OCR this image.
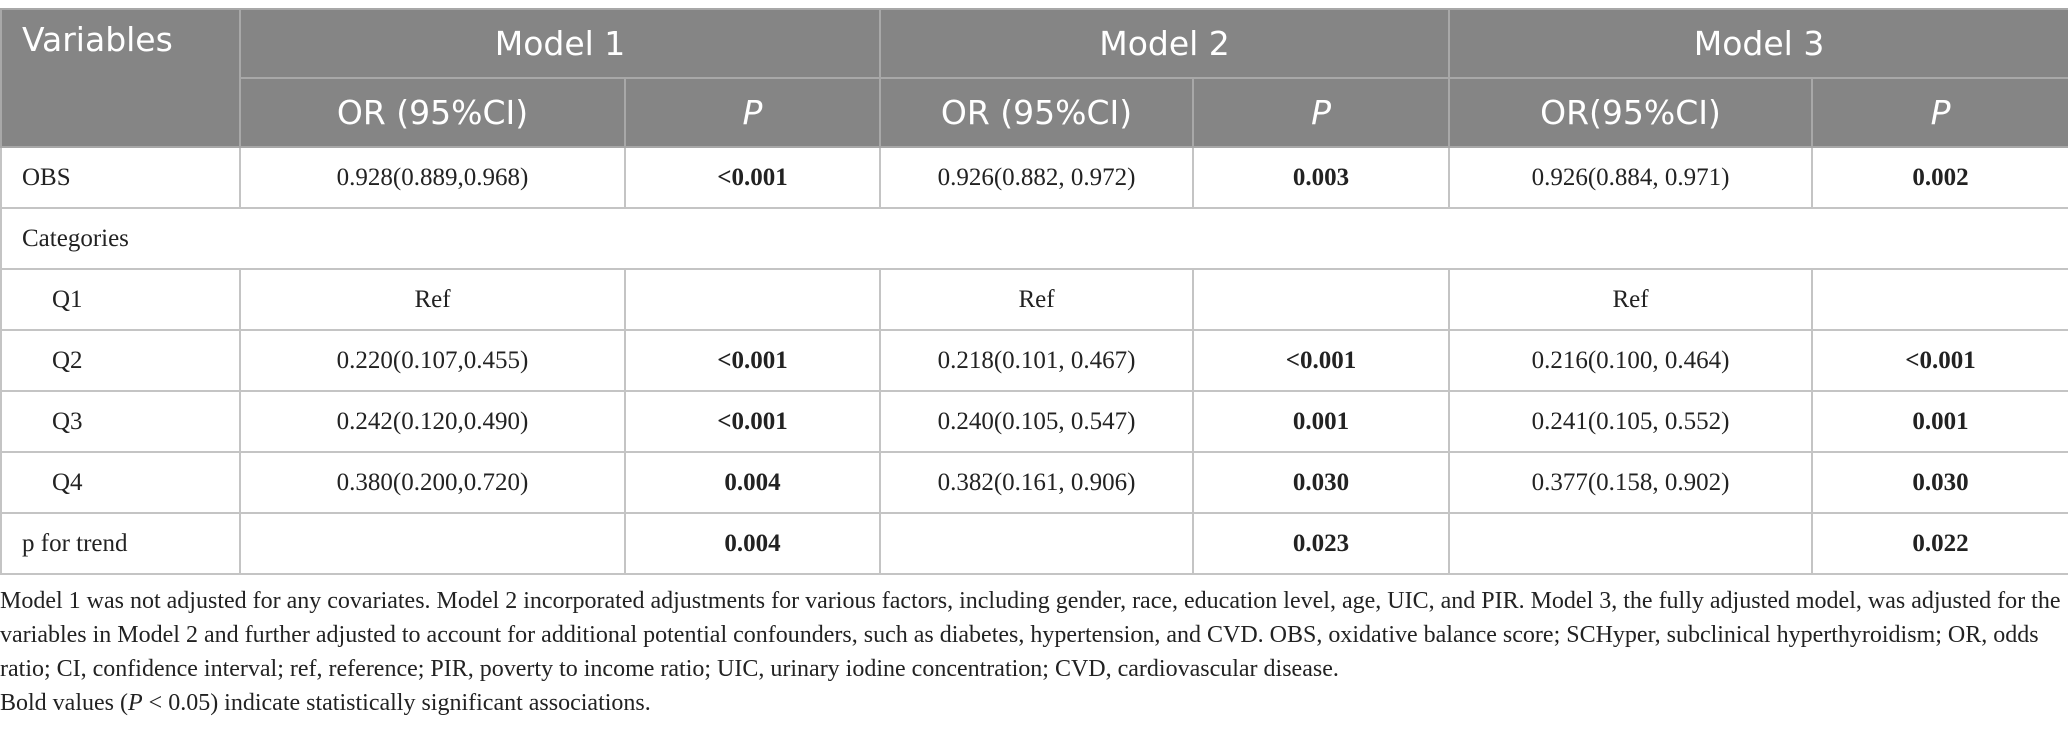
Variables	Model 1		Model 2		Model 3	
	OR (95%CI)	P	OR (95%CI)	P	OR(95%CI)	P
OBS	0.928(0.889,0.968)	<0.001	0.926(0.882, 0.972)	0.003	0.926(0.884, 0.971)	0.002
Categories						
Q1	Ref		Ref		Ref	
Q2	0.220(0.107,0.455)	<0.001	0.218(0.101, 0.467)	<0.001	0.216(0.100, 0.464)	<0.001
Q3	0.242(0.120,0.490)	<0.001	0.240(0.105, 0.547)	0.001	0.241(0.105, 0.552)	0.001
Q4	0.380(0.200,0.720)	0.004	0.382(0.161, 0.906)	0.030	0.377(0.158, 0.902)	0.030
p for trend		0.004		0.023		0.022

Model 1 was not adjusted for any covariates. Model 2 incorporated adjustments for various factors, including gender, race, education level, age, UIC, and PIR. Model 3, the fully adjusted model, was adjusted for the variables in Model 2 and further adjusted to account for additional potential confounders, such as diabetes, hypertension, and CVD. OBS, oxidative balance score; SCHyper, subclinical hyperthyroidism; OR, odds ratio; CI, confidence interval; ref, reference; PIR, poverty to income ratio; UIC, urinary iodine concentration; CVD, cardiovascular disease.

Bold values (P < 0.05) indicate statistically significant associations.
